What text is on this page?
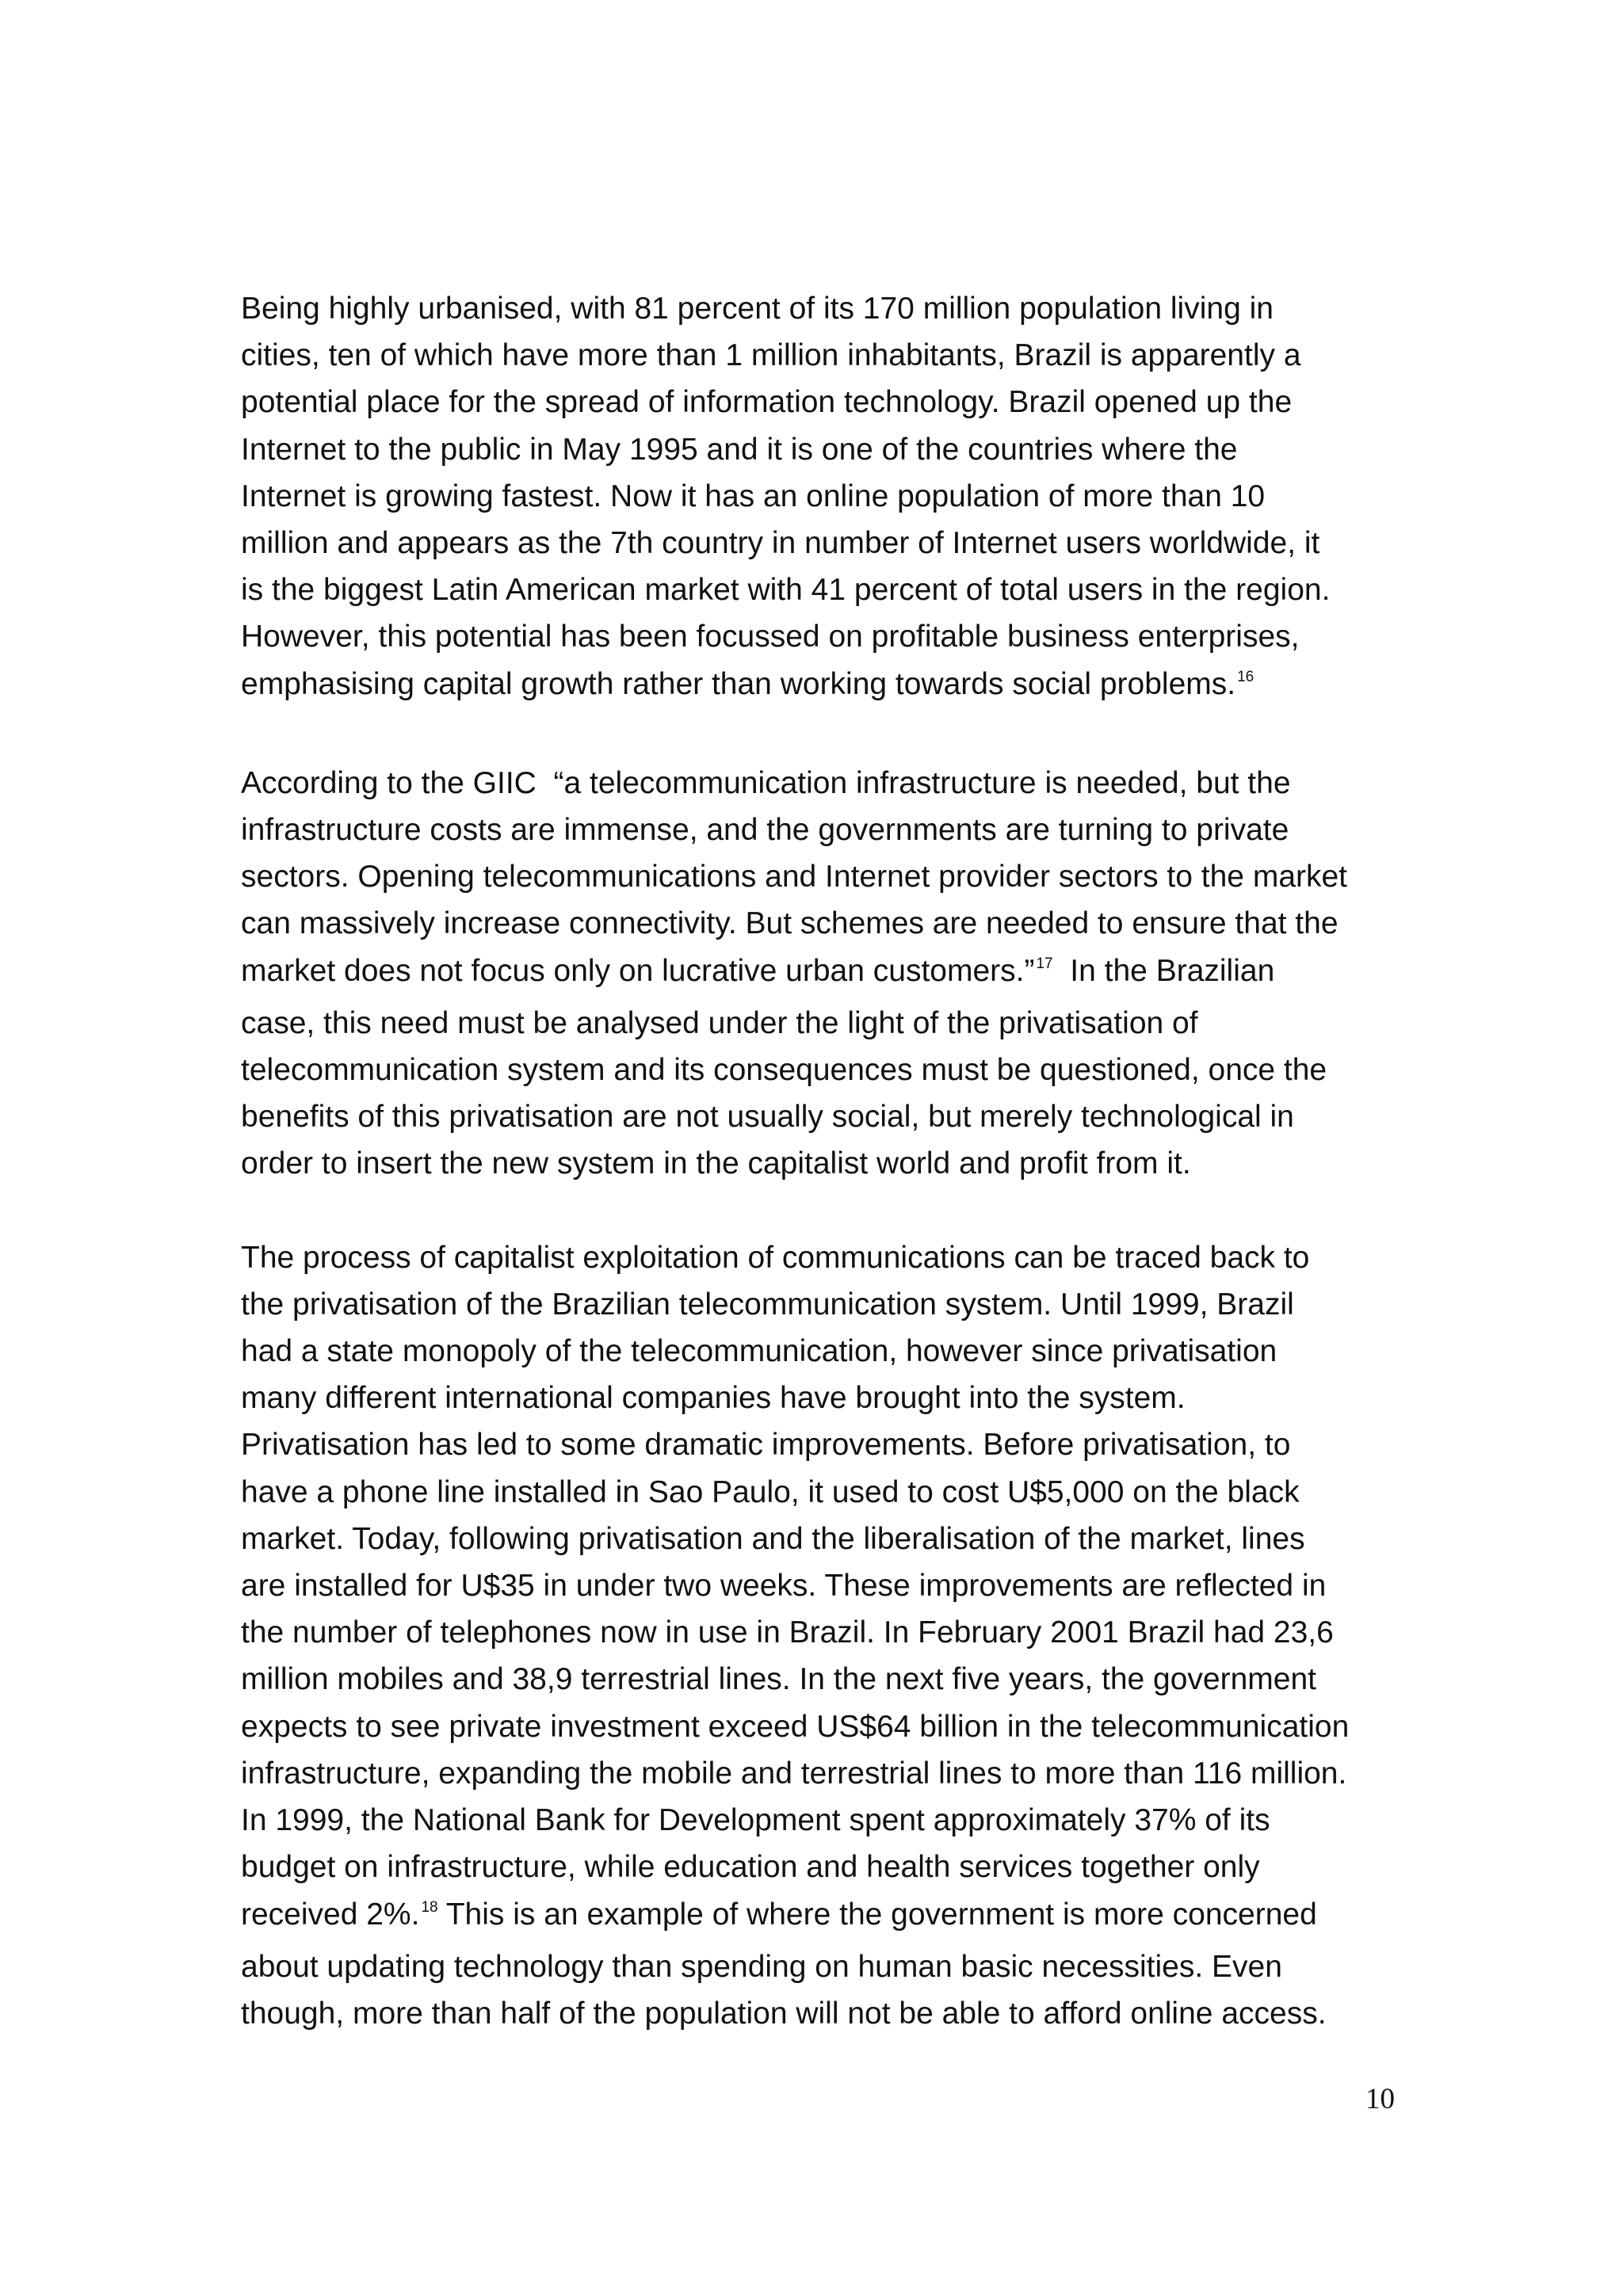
Being highly urbanised, with 81 percent of its 170 million population living in
cities, ten of which have more than 1 million inhabitants, Brazil is apparently a
potential place for the spread of information technology. Brazil opened up the
Internet to the public in May 1995 and it is one of the countries where the
Internet is growing fastest. Now it has an online population of more than 10
million and appears as the 7th country in number of Internet users worldwide, it
is the biggest Latin American market with 41 percent of total users in the region.
However, this potential has been focussed on profitable business enterprises,
emphasising capital growth rather than working towards social problems. $^{16}$

According to the GIIC  “a telecommunication infrastructure is needed, but the
infrastructure costs are immense, and the governments are turning to private
sectors. Opening telecommunications and Internet provider sectors to the market
can massively increase connectivity. But schemes are needed to ensure that the
market does not focus only on lucrative urban customers.” $^{17}$  In the Brazilian
case, this need must be analysed under the light of the privatisation of
telecommunication system and its consequences must be questioned, once the
benefits of this privatisation are not usually social, but merely technological in
order to insert the new system in the capitalist world and profit from it.

The process of capitalist exploitation of communications can be traced back to
the privatisation of the Brazilian telecommunication system. Until 1999, Brazil
had a state monopoly of the telecommunication, however since privatisation
many different international companies have brought into the system.
Privatisation has led to some dramatic improvements. Before privatisation, to
have a phone line installed in Sao Paulo, it used to cost U$5,000 on the black
market. Today, following privatisation and the liberalisation of the market, lines
are installed for U$35 in under two weeks. These improvements are reflected in
the number of telephones now in use in Brazil. In February 2001 Brazil had 23,6
million mobiles and 38,9 terrestrial lines. In the next five years, the government
expects to see private investment exceed US$64 billion in the telecommunication
infrastructure, expanding the mobile and terrestrial lines to more than 116 million.
In 1999, the National Bank for Development spent approximately 37% of its
budget on infrastructure, while education and health services together only
received 2%. $^{18}$ This is an example of where the government is more concerned
about updating technology than spending on human basic necessities. Even
though, more than half of the population will not be able to afford online access.

10
